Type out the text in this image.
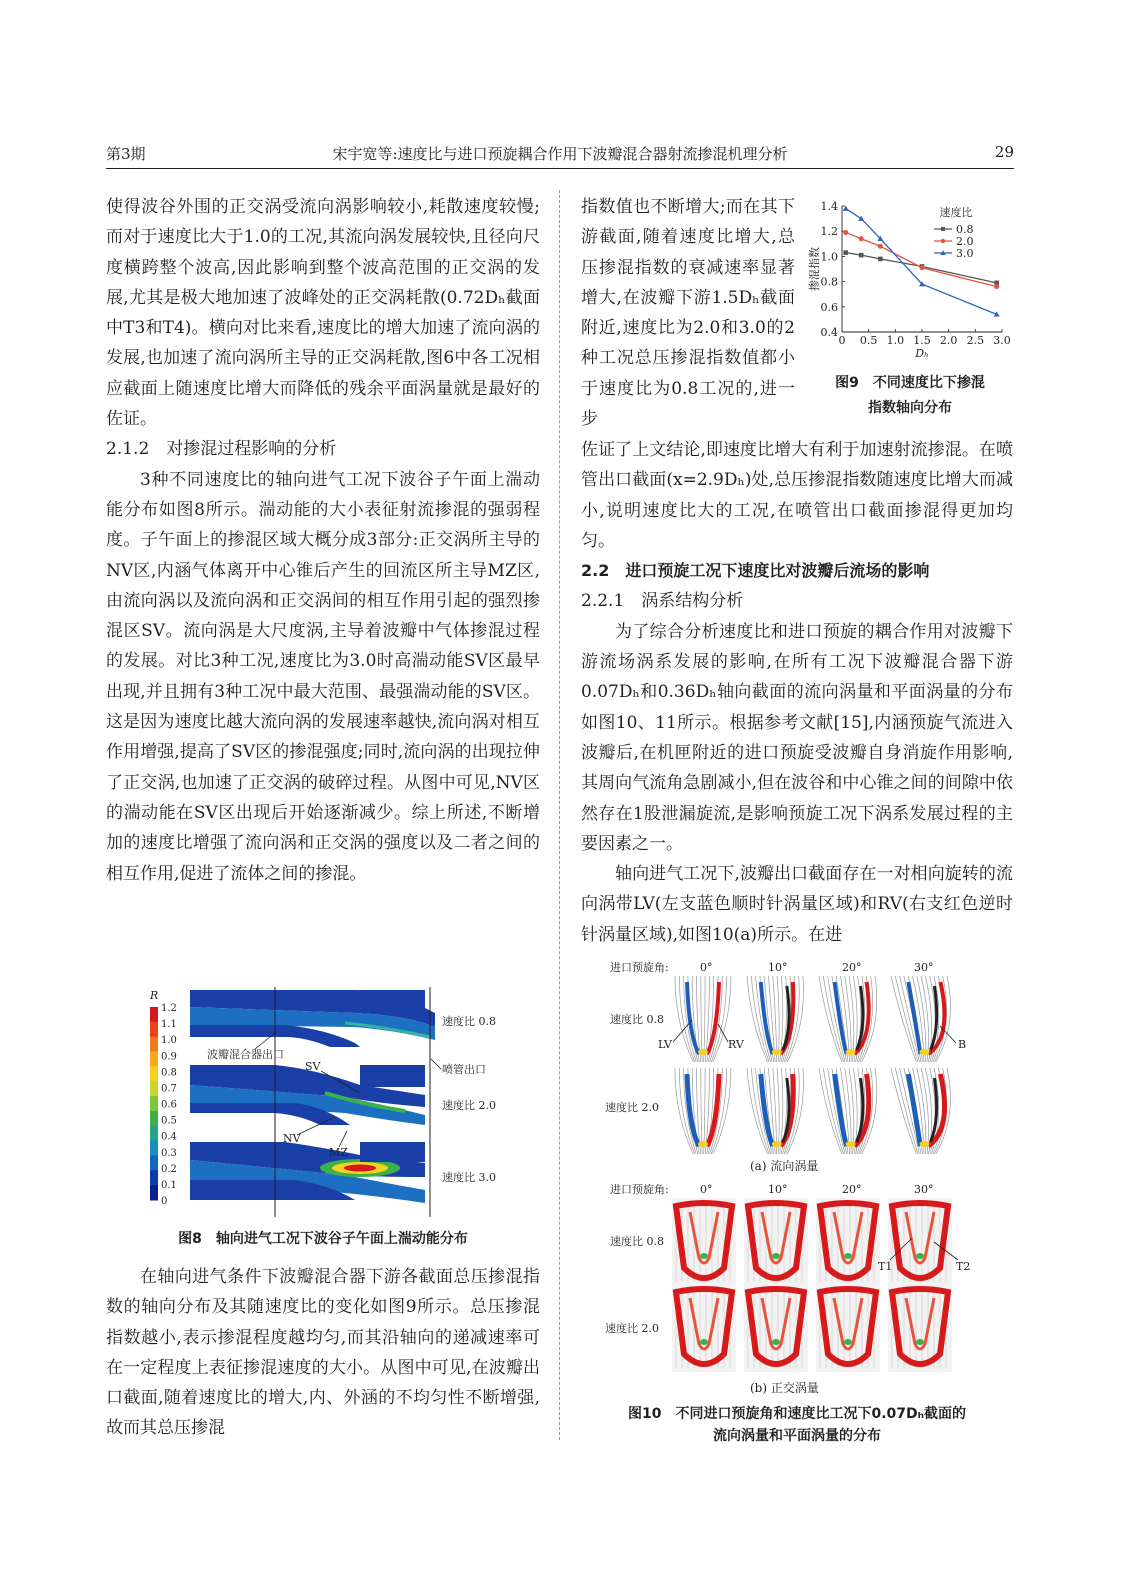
第3期	宋宇宽等:速度比与进口预旋耦合作用下波瓣混合器射流掺混机理分析	29

使得波谷外围的正交涡受流向涡影响较小,耗散速度较慢;而对于速度比大于1.0的工况,其流向涡发展较快,且径向尺度横跨整个波高,因此影响到整个波高范围的正交涡的发展,尤其是极大地加速了波峰处的正交涡耗散(0.72Dₕ截面中T3和T4)。横向对比来看,速度比的增大加速了流向涡的发展,也加速了流向涡所主导的正交涡耗散,图6中各工况相应截面上随速度比增大而降低的残余平面涡量就是最好的佐证。

2.1.2　对掺混过程影响的分析

3种不同速度比的轴向进气工况下波谷子午面上湍动能分布如图8所示。湍动能的大小表征射流掺混的强弱程度。子午面上的掺混区域大概分成3部分:正交涡所主导的NV区,内涵气体离开中心锥后产生的回流区所主导MZ区,由流向涡以及流向涡和正交涡间的相互作用引起的强烈掺混区SV。流向涡是大尺度涡,主导着波瓣中气体掺混过程的发展。对比3种工况,速度比为3.0时高湍动能SV区最早出现,并且拥有3种工况中最大范围、最强湍动能的SV区。这是因为速度比越大流向涡的发展速率越快,流向涡对相互作用增强,提高了SV区的掺混强度;同时,流向涡的出现拉伸了正交涡,也加速了正交涡的破碎过程。从图中可见,NV区的湍动能在SV区出现后开始逐渐减少。综上所述,不断增加的速度比增强了流向涡和正交涡的强度以及二者之间的相互作用,促进了流体之间的掺混。

R
1.2
1.1
1.0
0.9
0.8
0.7
0.6
0.5
0.4
0.3
0.2
0.1
0
波瓣混合器出口
喷管出口
SV
NV
MZ
速度比 0.8
速度比 2.0
速度比 3.0
图8　轴向进气工况下波谷子午面上湍动能分布

在轴向进气条件下波瓣混合器下游各截面总压掺混指数的轴向分布及其随速度比的变化如图9所示。总压掺混指数越小,表示掺混程度越均匀,而其沿轴向的递减速率可在一定程度上表征掺混速度的大小。从图中可见,在波瓣出口截面,随着速度比的增大,内、外涵的不均匀性不断增强,故而其总压掺混

指数值也不断增大;而在其下游截面,随着速度比增大,总压掺混指数的衰减速率显著增大,在波瓣下游1.5Dₕ截面附近,速度比为2.0和3.0的2种工况总压掺混指数值都小于速度比为0.8工况的,进一步

0.4
0.6
0.8
1.0
1.2
1.4
0 0.5 1.0 1.5 2.0 2.5 3.0
Dₕ
掺混指数
速度比
0.8
2.0
3.0
图9　不同速度比下掺混
指数轴向分布

佐证了上文结论,即速度比增大有利于加速射流掺混。在喷管出口截面(x=2.9Dₕ)处,总压掺混指数随速度比增大而减小,说明速度比大的工况,在喷管出口截面掺混得更加均匀。

2.2　进口预旋工况下速度比对波瓣后流场的影响
2.2.1　涡系结构分析

为了综合分析速度比和进口预旋的耦合作用对波瓣下游流场涡系发展的影响,在所有工况下波瓣混合器下游0.07Dₕ和0.36Dₕ轴向截面的流向涡量和平面涡量的分布如图10、11所示。根据参考文献[15],内涵预旋气流进入波瓣后,在机匣附近的进口预旋受波瓣自身消旋作用影响,其周向气流角急剧减小,但在波谷和中心锥之间的间隙中依然存在1股泄漏旋流,是影响预旋工况下涡系发展过程的主要因素之一。

轴向进气工况下,波瓣出口截面存在一对相向旋转的流向涡带LV(左支蓝色顺时针涡量区域)和RV(右支红色逆时针涡量区域),如图10(a)所示。在进

进口预旋角:	0°	10°	20°	30°
速度比 0.8
速度比 2.0
LV	RV	B
(a) 流向涡量
进口预旋角:	0°	10°	20°	30°
速度比 0.8
速度比 2.0
T1	T2
(b) 正交涡量
图10　不同进口预旋角和速度比工况下0.07Dₕ截面的
流向涡量和平面涡量的分布
